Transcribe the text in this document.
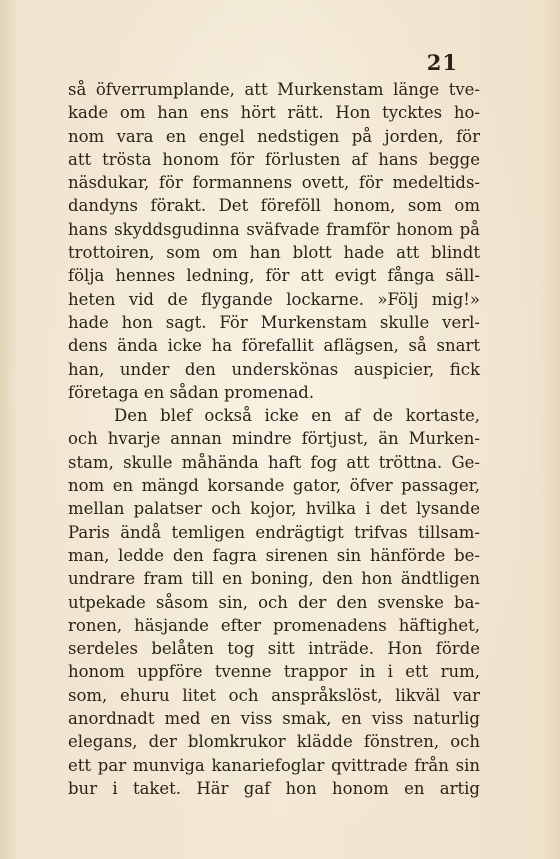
21
så öfverrumplande, att Murkenstam länge tve-
kade om han ens hört rätt. Hon tycktes ho-
nom vara en engel nedstigen på jorden, för
att trösta honom för förlusten af hans begge
näsdukar, för formannens ovett, för medeltids-
dandyns förakt. Det föreföll honom, som om
hans skyddsgudinna sväfvade framför honom på
trottoiren, som om han blott hade att blindt
följa hennes ledning, för att evigt fånga säll-
heten vid de flygande lockarne. »Följ mig!»
hade hon sagt. För Murkenstam skulle verl-
dens ända icke ha förefallit aflägsen, så snart
han, under den underskönas auspicier, fick
företaga en sådan promenad.
Den blef också icke en af de kortaste,
och hvarje annan mindre förtjust, än Murken-
stam, skulle måhända haft fog att tröttna. Ge-
nom en mängd korsande gator, öfver passager,
mellan palatser och kojor, hvilka i det lysande
Paris ändå temligen endrägtigt trifvas tillsam-
man, ledde den fagra sirenen sin hänförde be-
undrare fram till en boning, den hon ändtligen
utpekade såsom sin, och der den svenske ba-
ronen, häsjande efter promenadens häftighet,
serdeles belåten tog sitt inträde. Hon förde
honom uppföre tvenne trappor in i ett rum,
som, ehuru litet och anspråkslöst, likväl var
anordnadt med en viss smak, en viss naturlig
elegans, der blomkrukor klädde fönstren, och
ett par munviga kanariefoglar qvittrade från sin
bur i taket. Här gaf hon honom en artig
